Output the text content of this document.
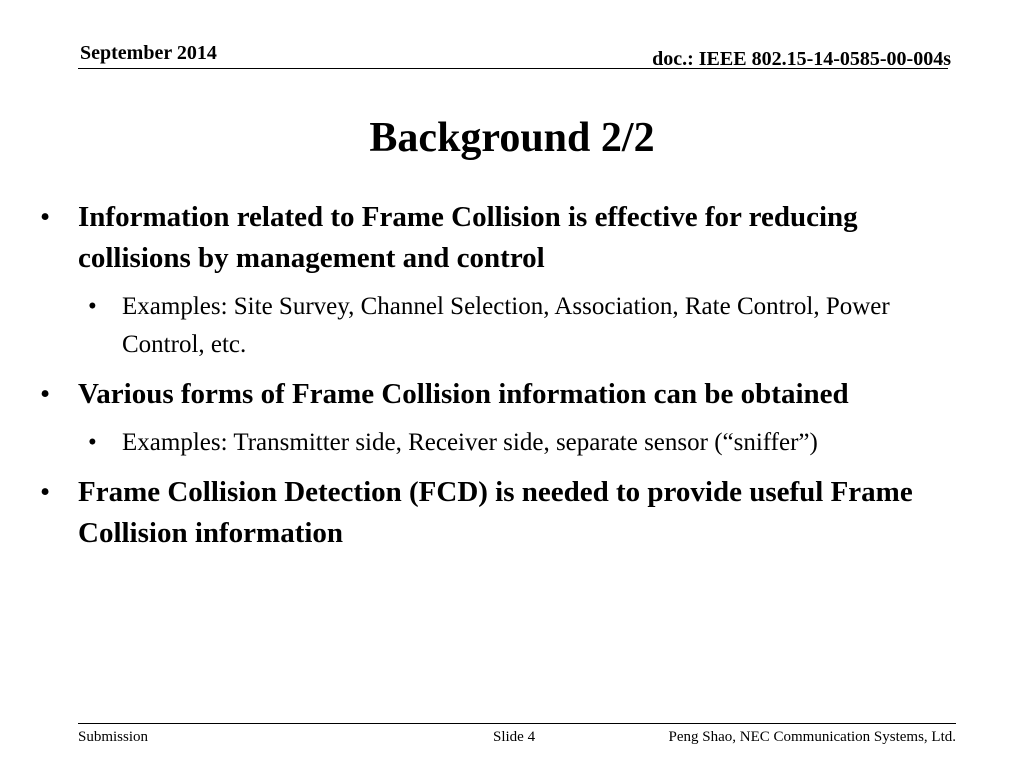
September 2014	doc.: IEEE 802.15-14-0585-00-004s
Background 2/2
• Information related to Frame Collision is effective for reducing collisions by management and control
• Examples: Site Survey, Channel Selection, Association, Rate Control, Power Control, etc.
• Various forms of Frame Collision information can be obtained
• Examples: Transmitter side, Receiver side, separate sensor (“sniffer”)
• Frame Collision Detection (FCD) is needed to provide useful Frame Collision information
Submission	Slide 4	Peng Shao, NEC Communication Systems, Ltd.
